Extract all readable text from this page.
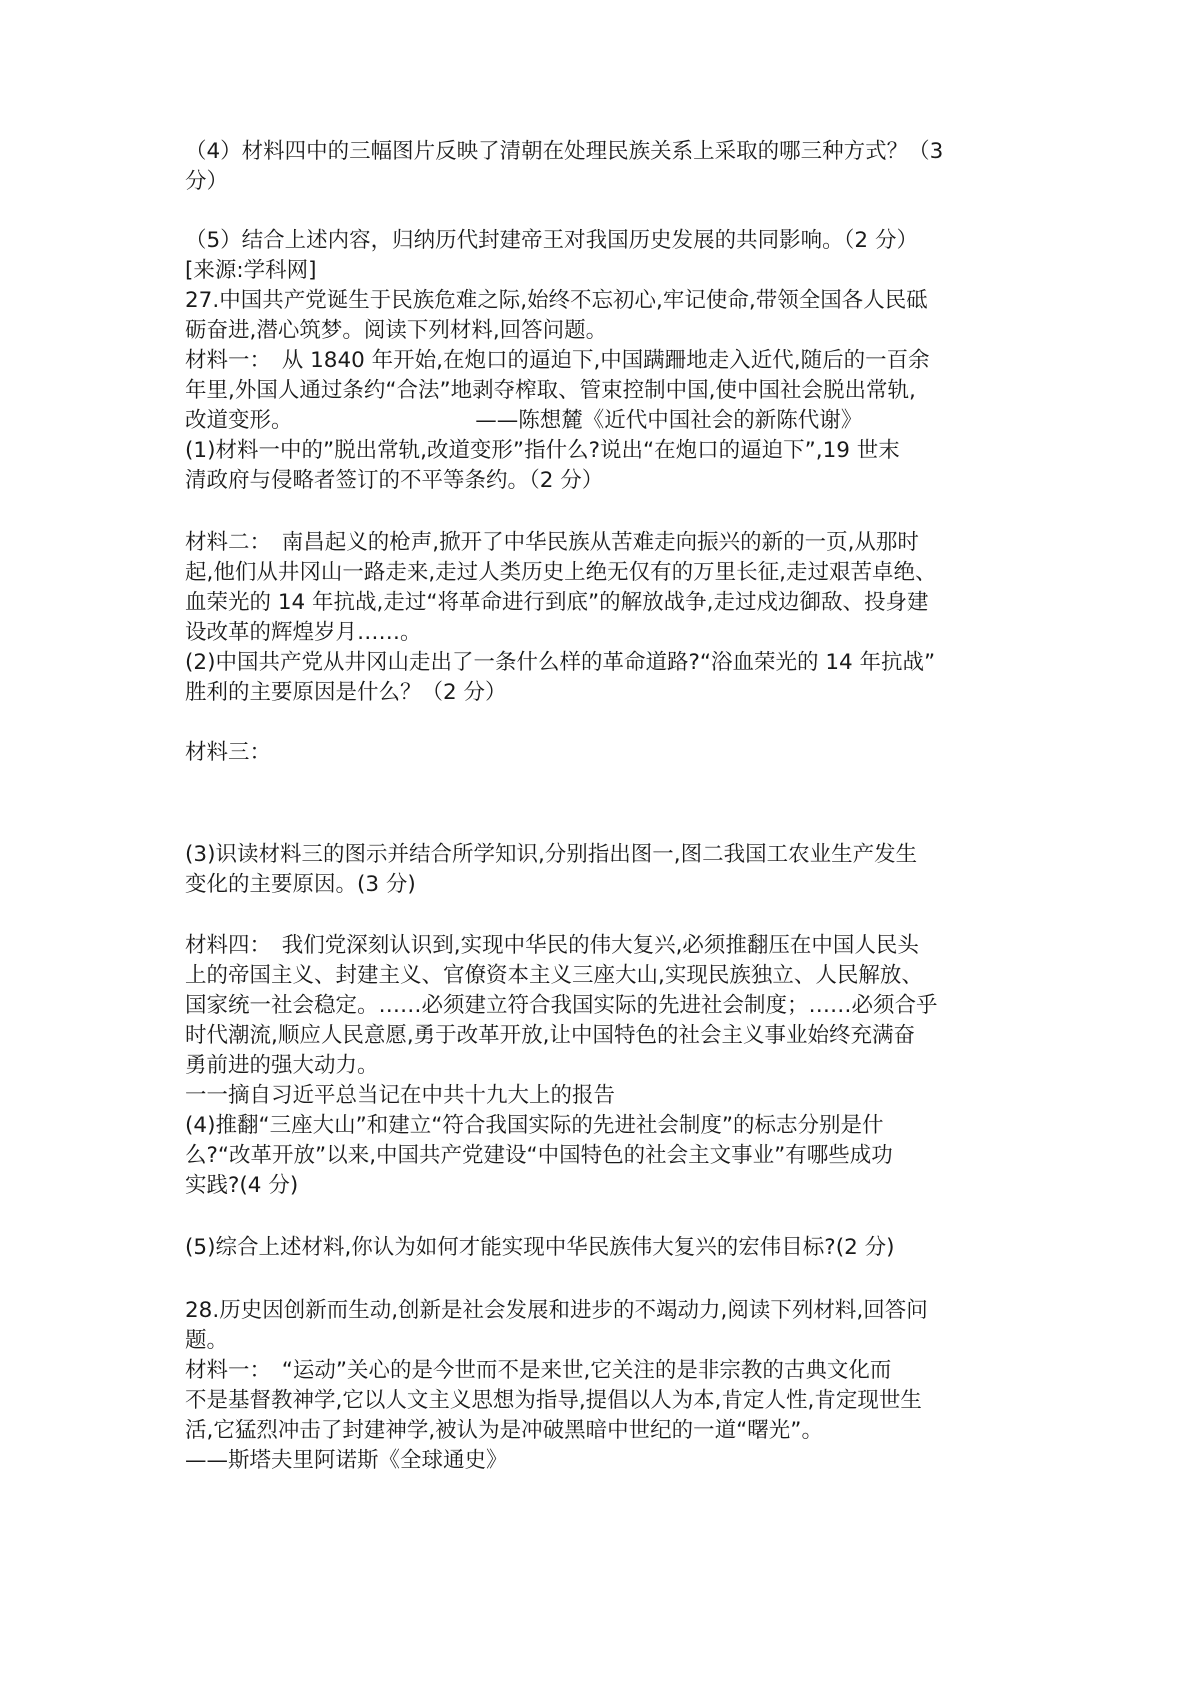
（4）材料四中的三幅图片反映了清朝在处理民族关系上采取的哪三种方式？（3
分）
（5）结合上述内容，归纳历代封建帝王对我国历史发展的共同影响。（2 分）
[来源:学科网]
27.中国共产党诞生于民族危难之际,始终不忘初心,牢记使命,带领全国各人民砥
砺奋进,潜心筑梦。阅读下列材料,回答问题。
材料一：　从 1840 年开始,在炮口的逼迫下,中国蹒跚地走入近代,随后的一百余
年里,外国人通过条约“合法”地剥夺榨取、管束控制中国,使中国社会脱出常轨,
改道变形。　　　　　　　　　——陈想麓《近代中国社会的新陈代谢》
(1)材料一中的”脱出常轨,改道变形”指什么?说出“在炮口的逼迫下”,19 世末
清政府与侵略者签订的不平等条约。（2 分）
材料二：　南昌起义的枪声,掀开了中华民族从苦难走向振兴的新的一页,从那时
起,他们从井冈山一路走来,走过人类历史上绝无仅有的万里长征,走过艰苦卓绝、
血荣光的 14 年抗战,走过“将革命进行到底”的解放战争,走过戍边御敌、投身建
设改革的辉煌岁月……。
(2)中国共产党从井冈山走出了一条什么样的革命道路?“浴血荣光的 14 年抗战”
胜利的主要原因是什么？（2 分）
材料三：
(3)识读材料三的图示并结合所学知识,分别指出图一,图二我国工农业生产发生
变化的主要原因。(3 分)
材料四：　我们党深刻认识到,实现中华民的伟大复兴,必须推翻压在中国人民头
上的帝国主义、封建主义、官僚资本主义三座大山,实现民族独立、人民解放、
国家统一社会稳定。……必须建立符合我国实际的先进社会制度；……必须合乎
时代潮流,顺应人民意愿,勇于改革开放,让中国特色的社会主义事业始终充满奋
勇前进的强大动力。
一一摘自习近平总当记在中共十九大上的报告
(4)推翻“三座大山”和建立“符合我国实际的先进社会制度”的标志分别是什
么?“改革开放”以来,中国共产党建设“中国特色的社会主文事业”有哪些成功
实践?(4 分)
(5)综合上述材料,你认为如何才能实现中华民族伟大复兴的宏伟目标?(2 分)
28.历史因创新而生动,创新是社会发展和进步的不竭动力,阅读下列材料,回答问
题。
材料一：　“运动”关心的是今世而不是来世,它关注的是非宗教的古典文化而
不是基督教神学,它以人文主义思想为指导,提倡以人为本,肯定人性,肯定现世生
活,它猛烈冲击了封建神学,被认为是冲破黑暗中世纪的一道“曙光”。
——斯塔夫里阿诺斯《全球通史》
